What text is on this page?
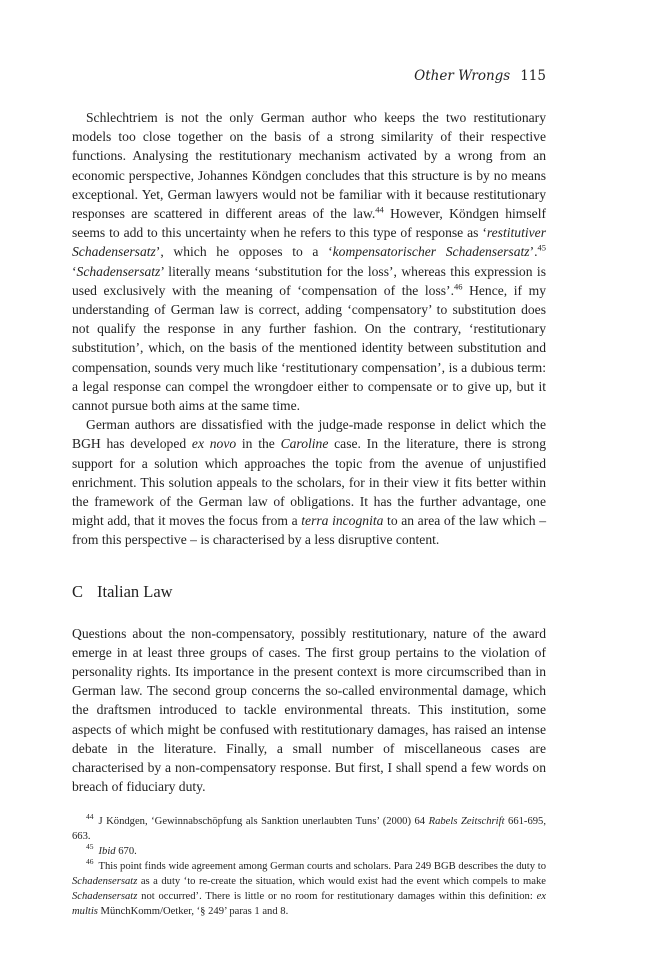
Other Wrongs 115

Schlechtriem is not the only German author who keeps the two restitutionary models too close together on the basis of a strong similarity of their respective functions. Analysing the restitutionary mechanism activated by a wrong from an economic perspective, Johannes Köndgen concludes that this structure is by no means exceptional. Yet, German lawyers would not be familiar with it because restitutionary responses are scattered in different areas of the law.$^{44}$ However, Köndgen himself seems to add to this uncertainty when he refers to this type of response as ‘restitutiver Schadensersatz’, which he opposes to a ‘kompensatorischer Schadensersatz’.$^{45}$ ‘Schadensersatz’ literally means ‘substitution for the loss’, whereas this expression is used exclusively with the meaning of ‘compensation of the loss’.$^{46}$ Hence, if my understanding of German law is correct, adding ‘compensatory’ to substitution does not qualify the response in any further fashion. On the contrary, ‘restitutionary substitution’, which, on the basis of the mentioned identity between substitution and compensation, sounds very much like ‘restitutionary compensation’, is a dubious term: a legal response can compel the wrongdoer either to compensate or to give up, but it cannot pursue both aims at the same time.

German authors are dissatisfied with the judge-made response in delict which the BGH has developed ex novo in the Caroline case. In the literature, there is strong support for a solution which approaches the topic from the avenue of unjustified enrichment. This solution appeals to the scholars, for in their view it fits better within the framework of the German law of obligations. It has the further advantage, one might add, that it moves the focus from a terra incognita to an area of the law which – from this perspective – is characterised by a less disruptive content.

C Italian Law

Questions about the non-compensatory, possibly restitutionary, nature of the award emerge in at least three groups of cases. The first group pertains to the violation of personality rights. Its importance in the present context is more circumscribed than in German law. The second group concerns the so-called environmental damage, which the draftsmen introduced to tackle environmental threats. This institution, some aspects of which might be confused with restitutionary damages, has raised an intense debate in the literature. Finally, a small number of miscellaneous cases are characterised by a non-compensatory response. But first, I shall spend a few words on breach of fiduciary duty.

$^{44}$ J Köndgen, ‘Gewinnabschöpfung als Sanktion unerlaubten Tuns’ (2000) 64 Rabels Zeitschrift 661-695, 663.

$^{45}$ Ibid 670.

$^{46}$ This point finds wide agreement among German courts and scholars. Para 249 BGB describes the duty to Schadensersatz as a duty ‘to re-create the situation, which would exist had the event which compels to make Schadensersatz not occurred’. There is little or no room for restitutionary damages within this definition: ex multis MünchKomm/Oetker, ‘§ 249’ paras 1 and 8.
